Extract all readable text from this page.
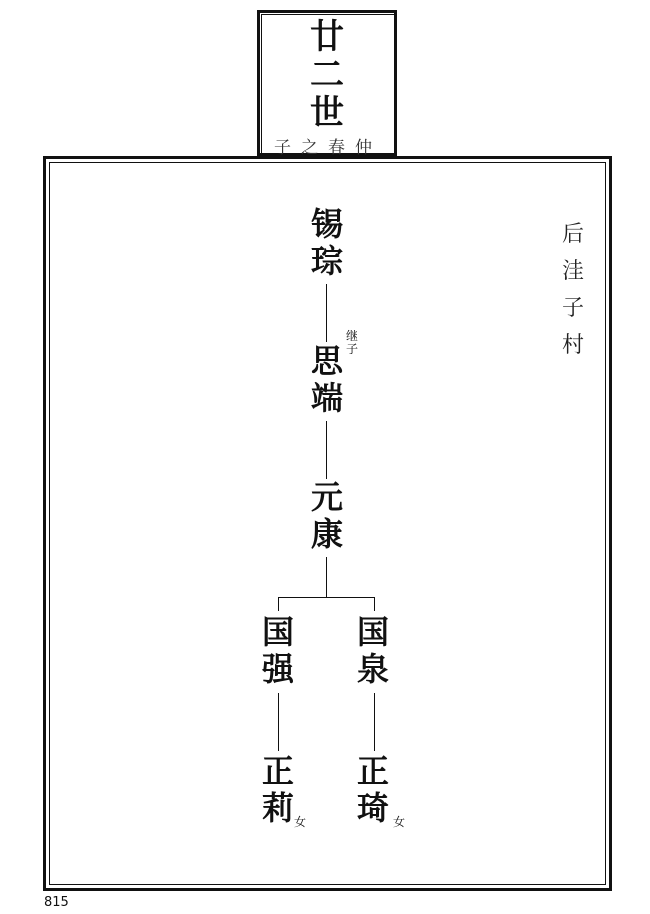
廿
二
世
子之春仲
后
洼
子
村
锡
琮
继
子
思
端
元
康
国
强
国
泉
正
莉 女
正
琦 女
815
